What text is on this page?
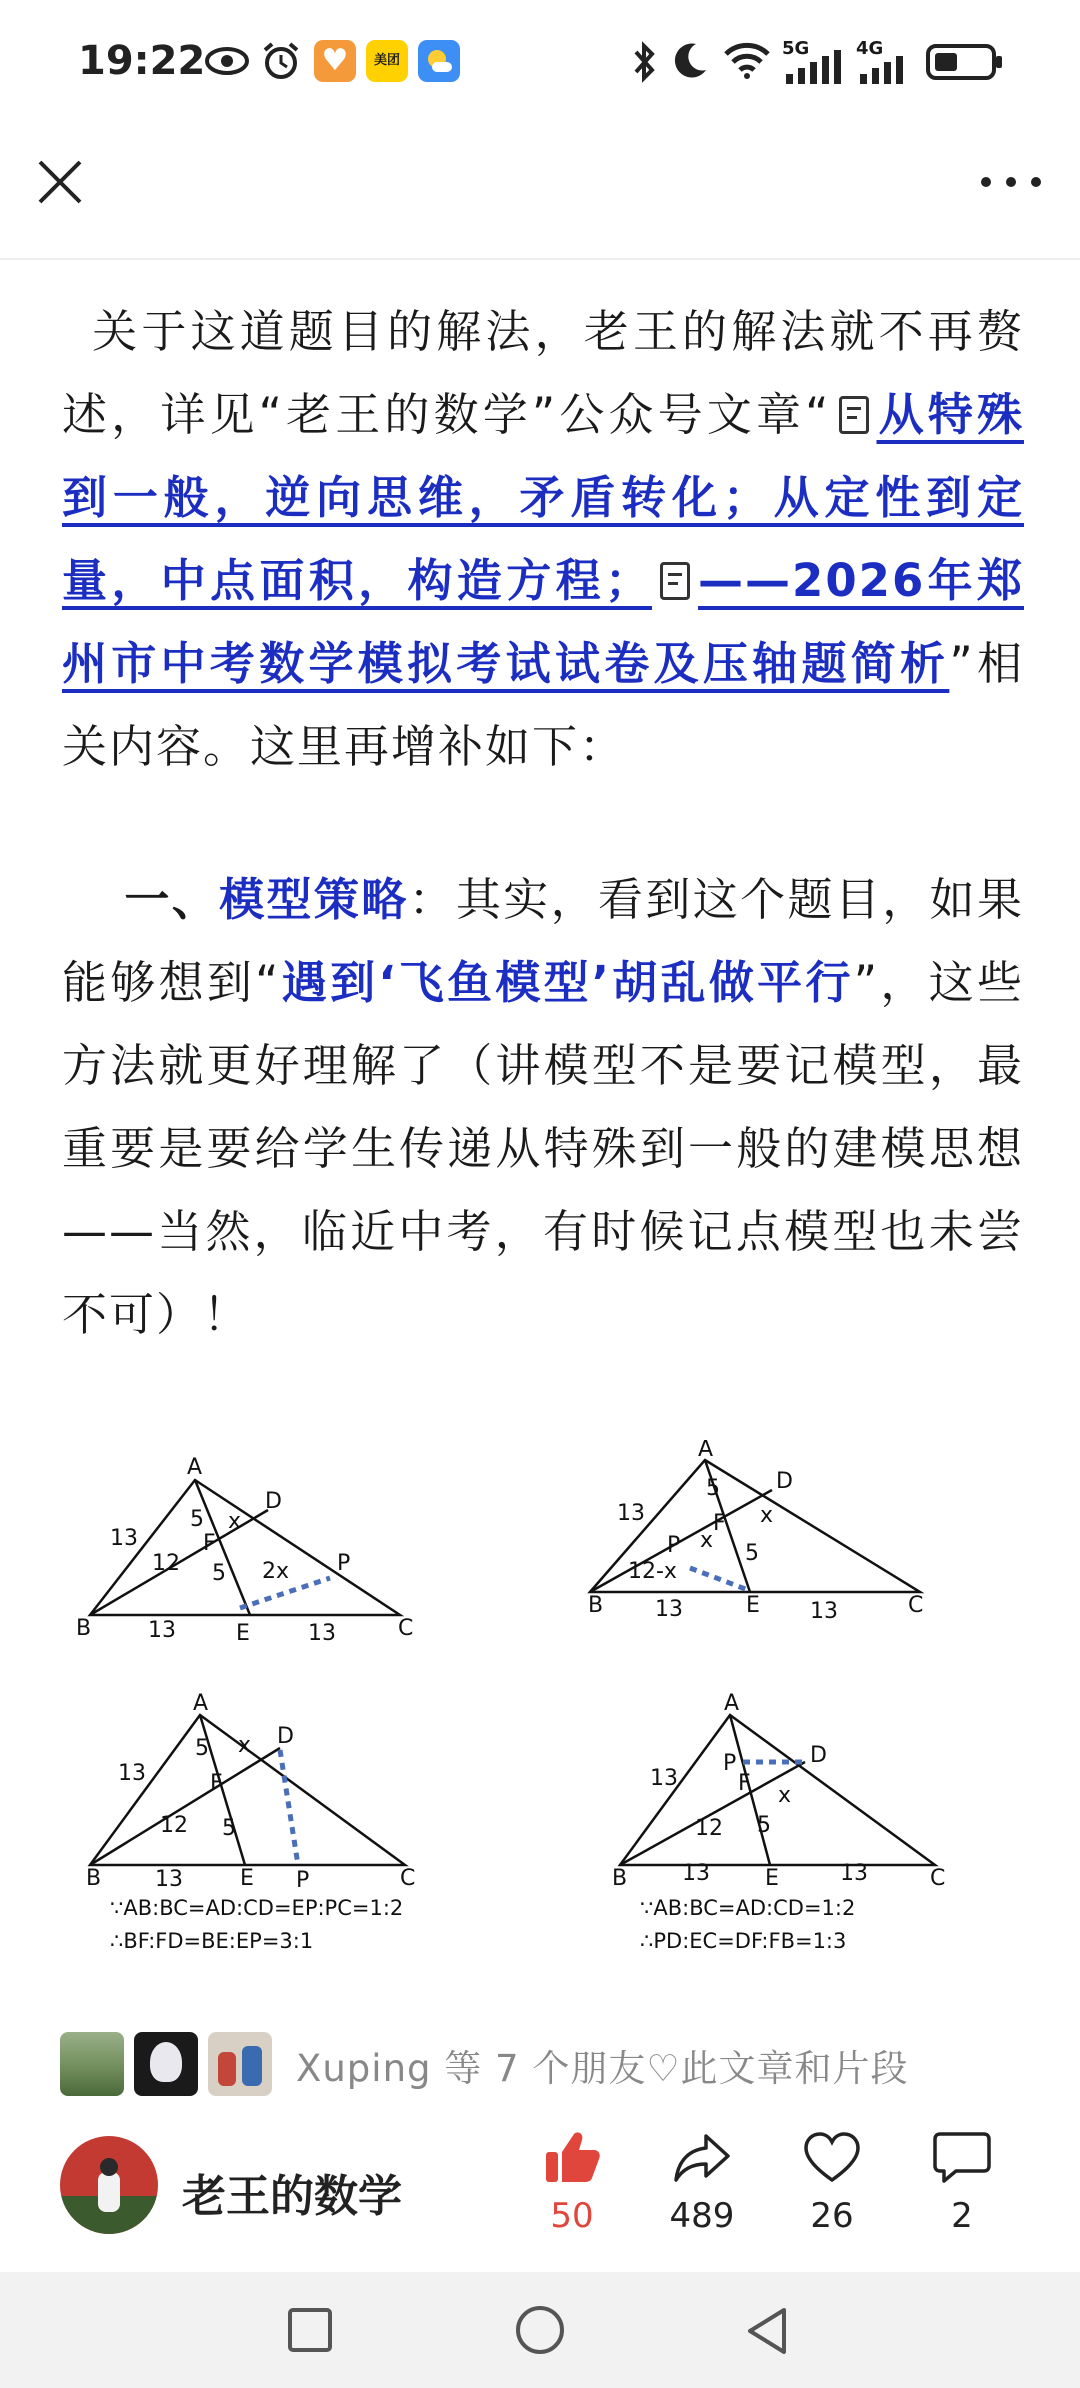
19:22	♥	美团
5G	4G

关于这道题目的解法，老王的解法就不再赘述，详见“老王的数学”公众号文章“ 从特殊到一般，逆向思维，矛盾转化；从定性到定量，中点面积，构造方程； ——2026年郑州市中考数学模拟考试试卷及压轴题简析”相关内容。这里再增补如下：

一、模型策略：其实，看到这个题目，如果能够想到“遇到‘飞鱼模型’胡乱做平行”，这些方法就更好理解了（讲模型不是要记模型，最重要是要给学生传递从特殊到一般的建模思想——当然，临近中考，有时候记点模型也未尝不可）！

A
B	C
D
E
F
P
13
12
13	13
5
5
x
2x
A
B	C
D
E
F
P
13
12-x
13	13
5
5
x
x
A
B	C
D
E
F
P
13
12
13
5
5
x
∵AB:BC=AD:CD=EP:PC=1:2
∴BF:FD=BE:EP=3:1
A
B	C
D
E
F
P
13
12
13	13
5
x
∵AB:BC=AD:CD=1:2
∴PD:EC=DF:FB=1:3
Xuping 等 7 个朋友♡此文章和片段
老王的数学	50	489	26	2
